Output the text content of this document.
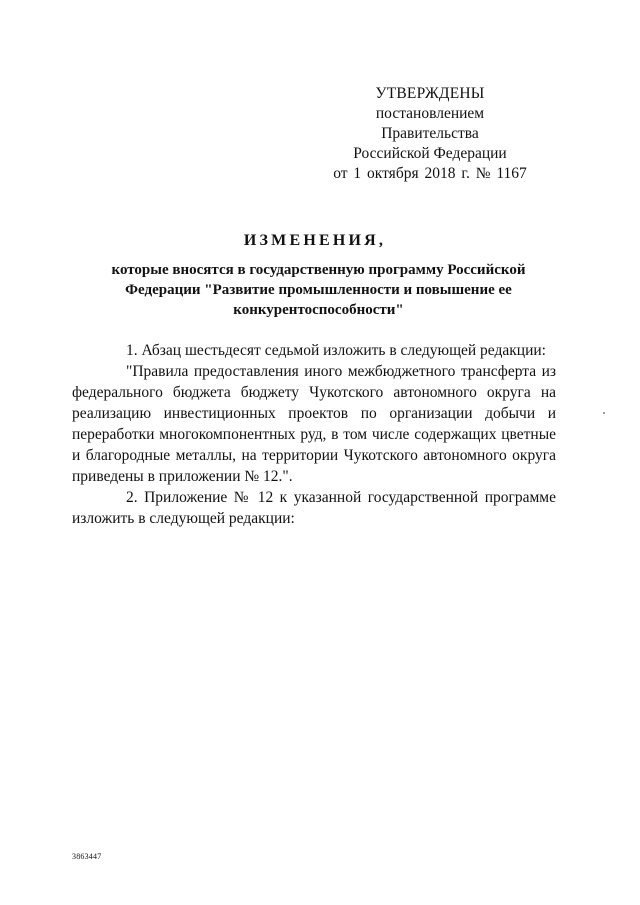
УТВЕРЖДЕНЫ
постановлением Правительства
Российской Федерации
от 1 октября 2018 г. № 1167
ИЗМЕНЕНИЯ,
которые вносятся в государственную программу Российской Федерации "Развитие промышленности и повышение ее конкурентоспособности"

1. Абзац шестьдесят седьмой изложить в следующей редакции:

"Правила предоставления иного межбюджетного трансферта из федерального бюджета бюджету Чукотского автономного округа на реализацию инвестиционных проектов по организации добычи и переработки многокомпонентных руд, в том числе содержащих цветные и благородные металлы, на территории Чукотского автономного округа приведены в приложении № 12.".

2. Приложение № 12 к указанной государственной программе изложить в следующей редакции:

3863447
